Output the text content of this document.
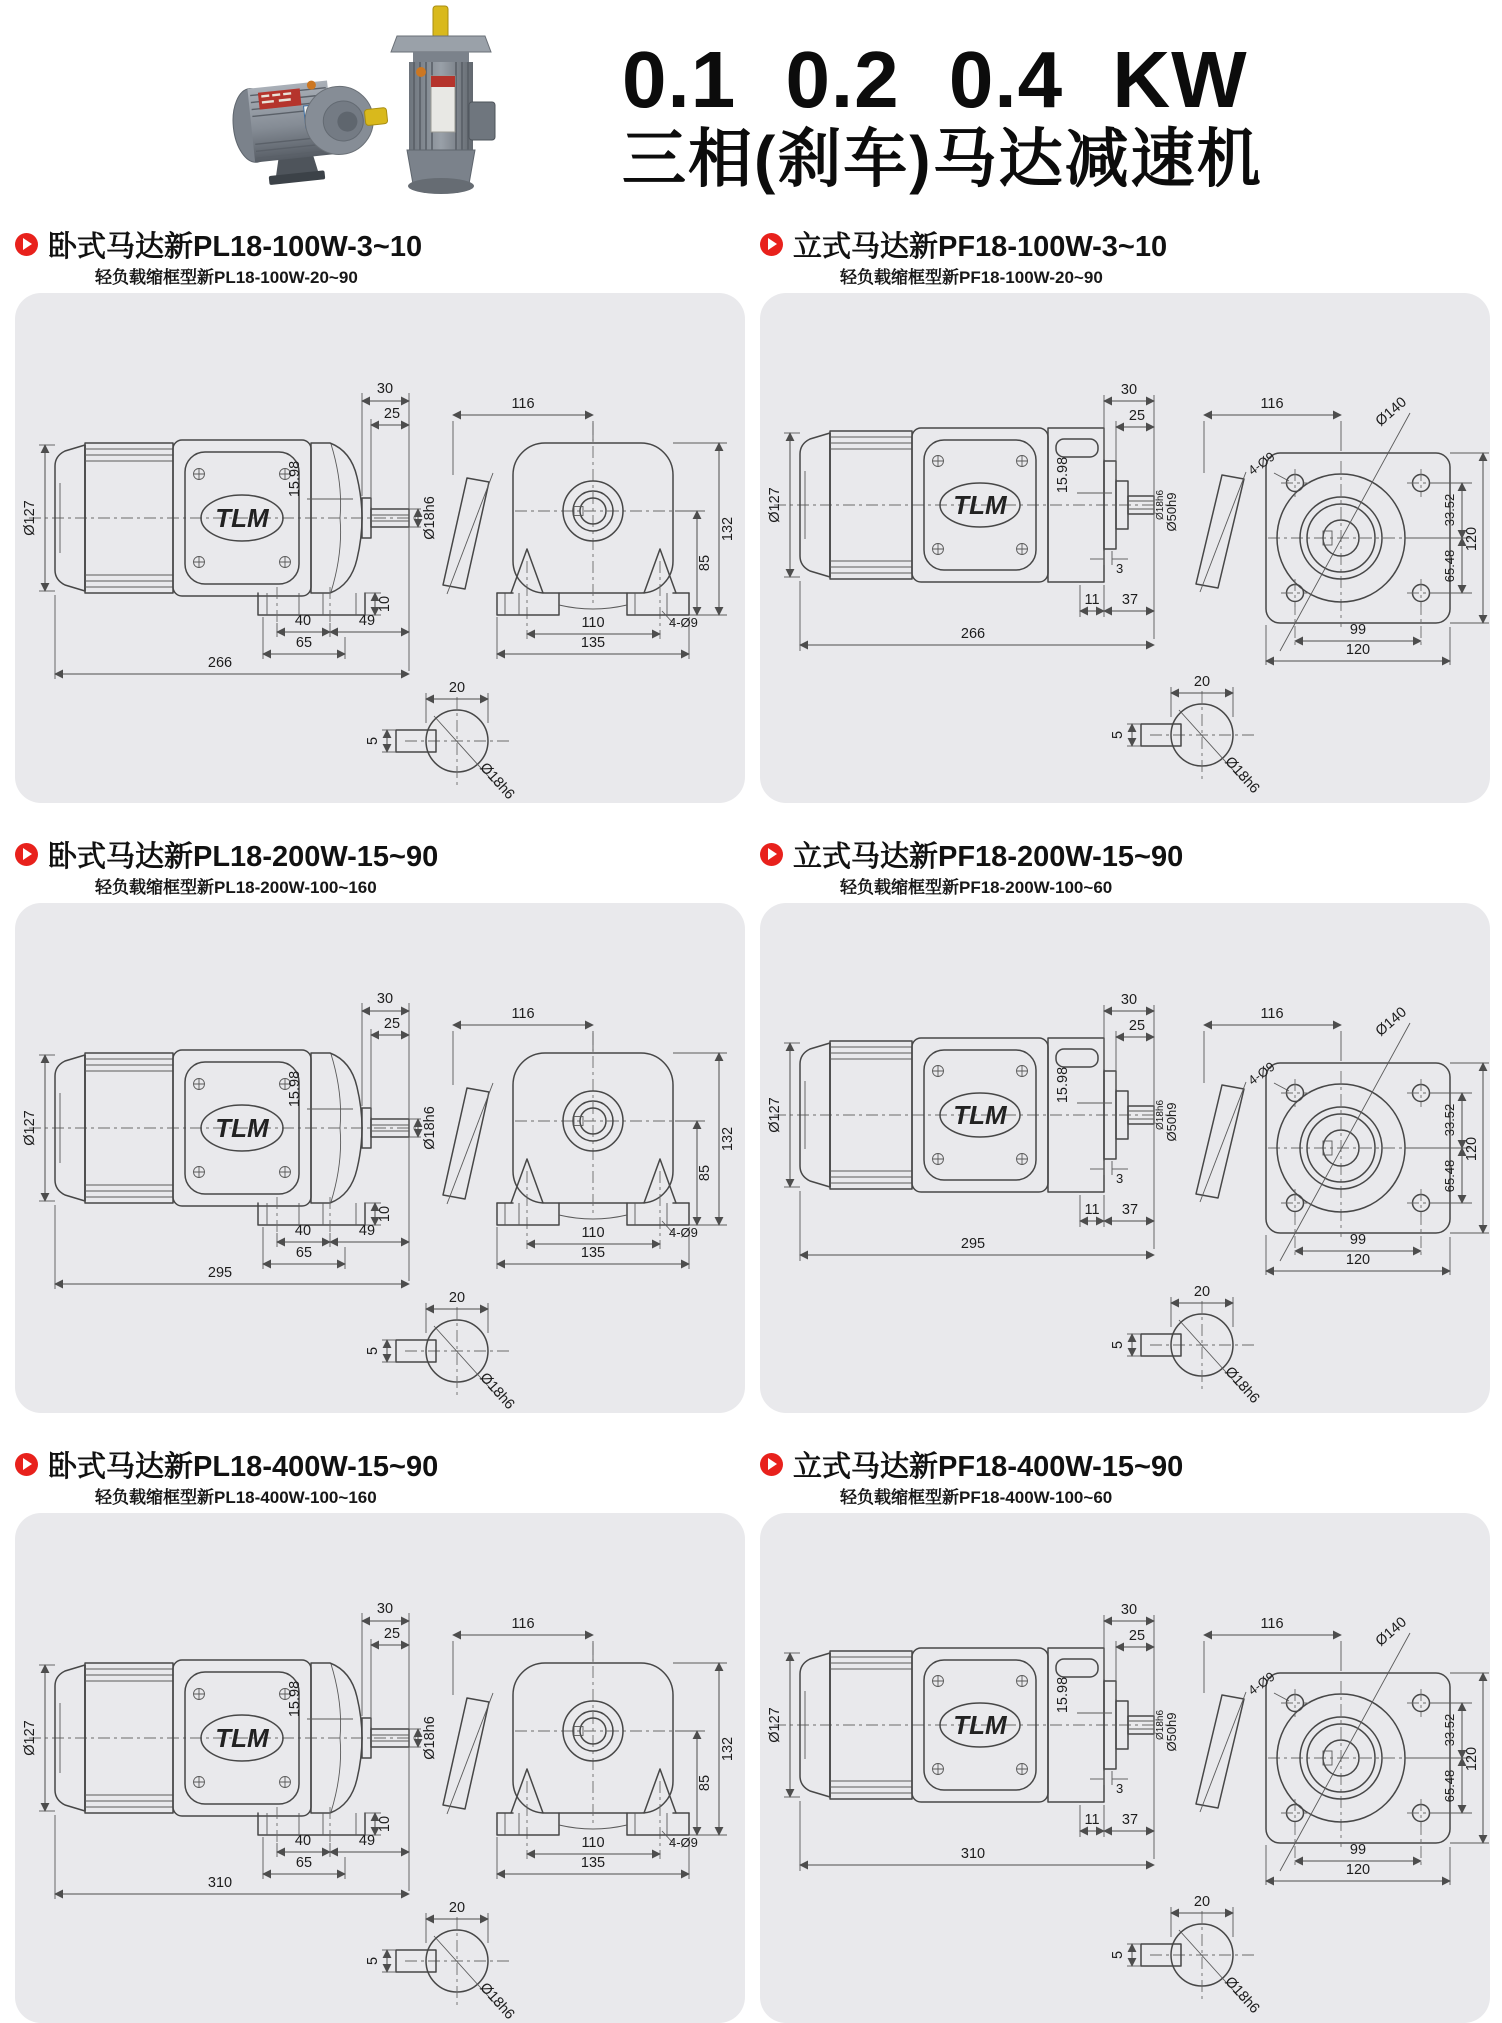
0.1 0.2 0.4 KW
三相(刹车)马达减速机
卧式马达新PL18-100W-3~10
轻负载缩框型新PL18-100W-20~90
TLM
Ø127
30
25
15.98
Ø18h6
10
40	49
65
266
116
132
85
110
135
4-Ø9
20
5
Ø18h6
立式马达新PF18-100W-3~10
轻负载缩框型新PF18-100W-20~90
TLM
Ø127
30
25
15.98
Ø18h6
Ø50h9
3
11 37
266
116
4-Ø9
Ø140
33.52
65.48
120
99
120
20
5
Ø18h6
卧式马达新PL18-200W-15~90
轻负载缩框型新PL18-200W-100~160
TLM
Ø127
30
25
15.98
Ø18h6
10
40	49
65
295
116
132
85
110
135
4-Ø9
20
5
Ø18h6
立式马达新PF18-200W-15~90
轻负载缩框型新PF18-200W-100~60
TLM
Ø127
30
25
15.98
Ø18h6
Ø50h9
3
11 37
295
116
4-Ø9
Ø140
33.52
65.48
120
99
120
20
5
Ø18h6
卧式马达新PL18-400W-15~90
轻负载缩框型新PL18-400W-100~160
TLM
Ø127
30
25
15.98
Ø18h6
10
40	49
65
310
116
132
85
110
135
4-Ø9
20
5
Ø18h6
立式马达新PF18-400W-15~90
轻负载缩框型新PF18-400W-100~60
TLM
Ø127
30
25
15.98
Ø18h6
Ø50h9
3
11 37
310
116
4-Ø9
Ø140
33.52
65.48
120
99
120
20
5
Ø18h6
